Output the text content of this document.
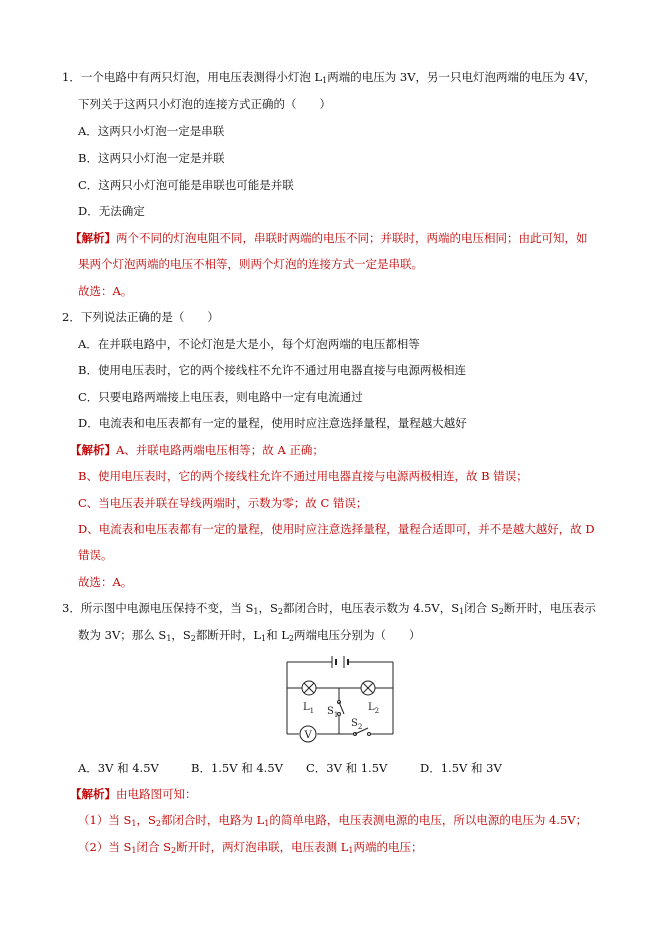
1．一个电路中有两只灯泡，用电压表测得小灯泡 $L_1$两端的电压为 3V，另一只电灯泡两端的电压为 4V，
下列关于这两只小灯泡的连接方式正确的（　　）
A．这两只小灯泡一定是串联
B．这两只小灯泡一定是并联
C．这两只小灯泡可能是串联也可能是并联
D．无法确定
【解析】两个不同的灯泡电阻不同，串联时两端的电压不同；并联时，两端的电压相同；由此可知，如
果两个灯泡两端的电压不相等，则两个灯泡的连接方式一定是串联。
故选：A。
2．下列说法正确的是（　　）
A．在并联电路中，不论灯泡是大是小，每个灯泡两端的电压都相等
B．使用电压表时，它的两个接线柱不允许不通过用电器直接与电源两极相连
C．只要电路两端接上电压表，则电路中一定有电流通过
D．电流表和电压表都有一定的量程，使用时应注意选择量程，量程越大越好
【解析】A、并联电路两端电压相等；故 A 正确；
B、使用电压表时，它的两个接线柱允许不通过用电器直接与电源两极相连，故 B 错误；
C、当电压表并联在导线两端时，示数为零；故 C 错误；
D、电流表和电压表都有一定的量程，使用时应注意选择量程，量程合适即可，并不是越大越好，故 D
错误。
故选：A。
3．所示图中电源电压保持不变，当 $S_1$，$S_2$都闭合时，电压表示数为 4.5V，$S_1$闭合 $S_2$断开时，电压表示
数为 3V；那么 $S_1$，$S_2$都断开时，$L_1$和 $L_2$两端电压分别为（　　）
V
$L_1$	$L_2$
$S_1$
$S_2$
A．3V 和 4.5V	B．1.5V 和 4.5V C．3V 和 1.5V	D．1.5V 和 3V
【解析】由电路图可知：
（1）当 $S_1$，$S_2$都闭合时，电路为 $L_1$的简单电路，电压表测电源的电压，所以电源的电压为 4.5V；
（2）当 $S_1$闭合 $S_2$断开时，两灯泡串联，电压表测 $L_1$两端的电压；
